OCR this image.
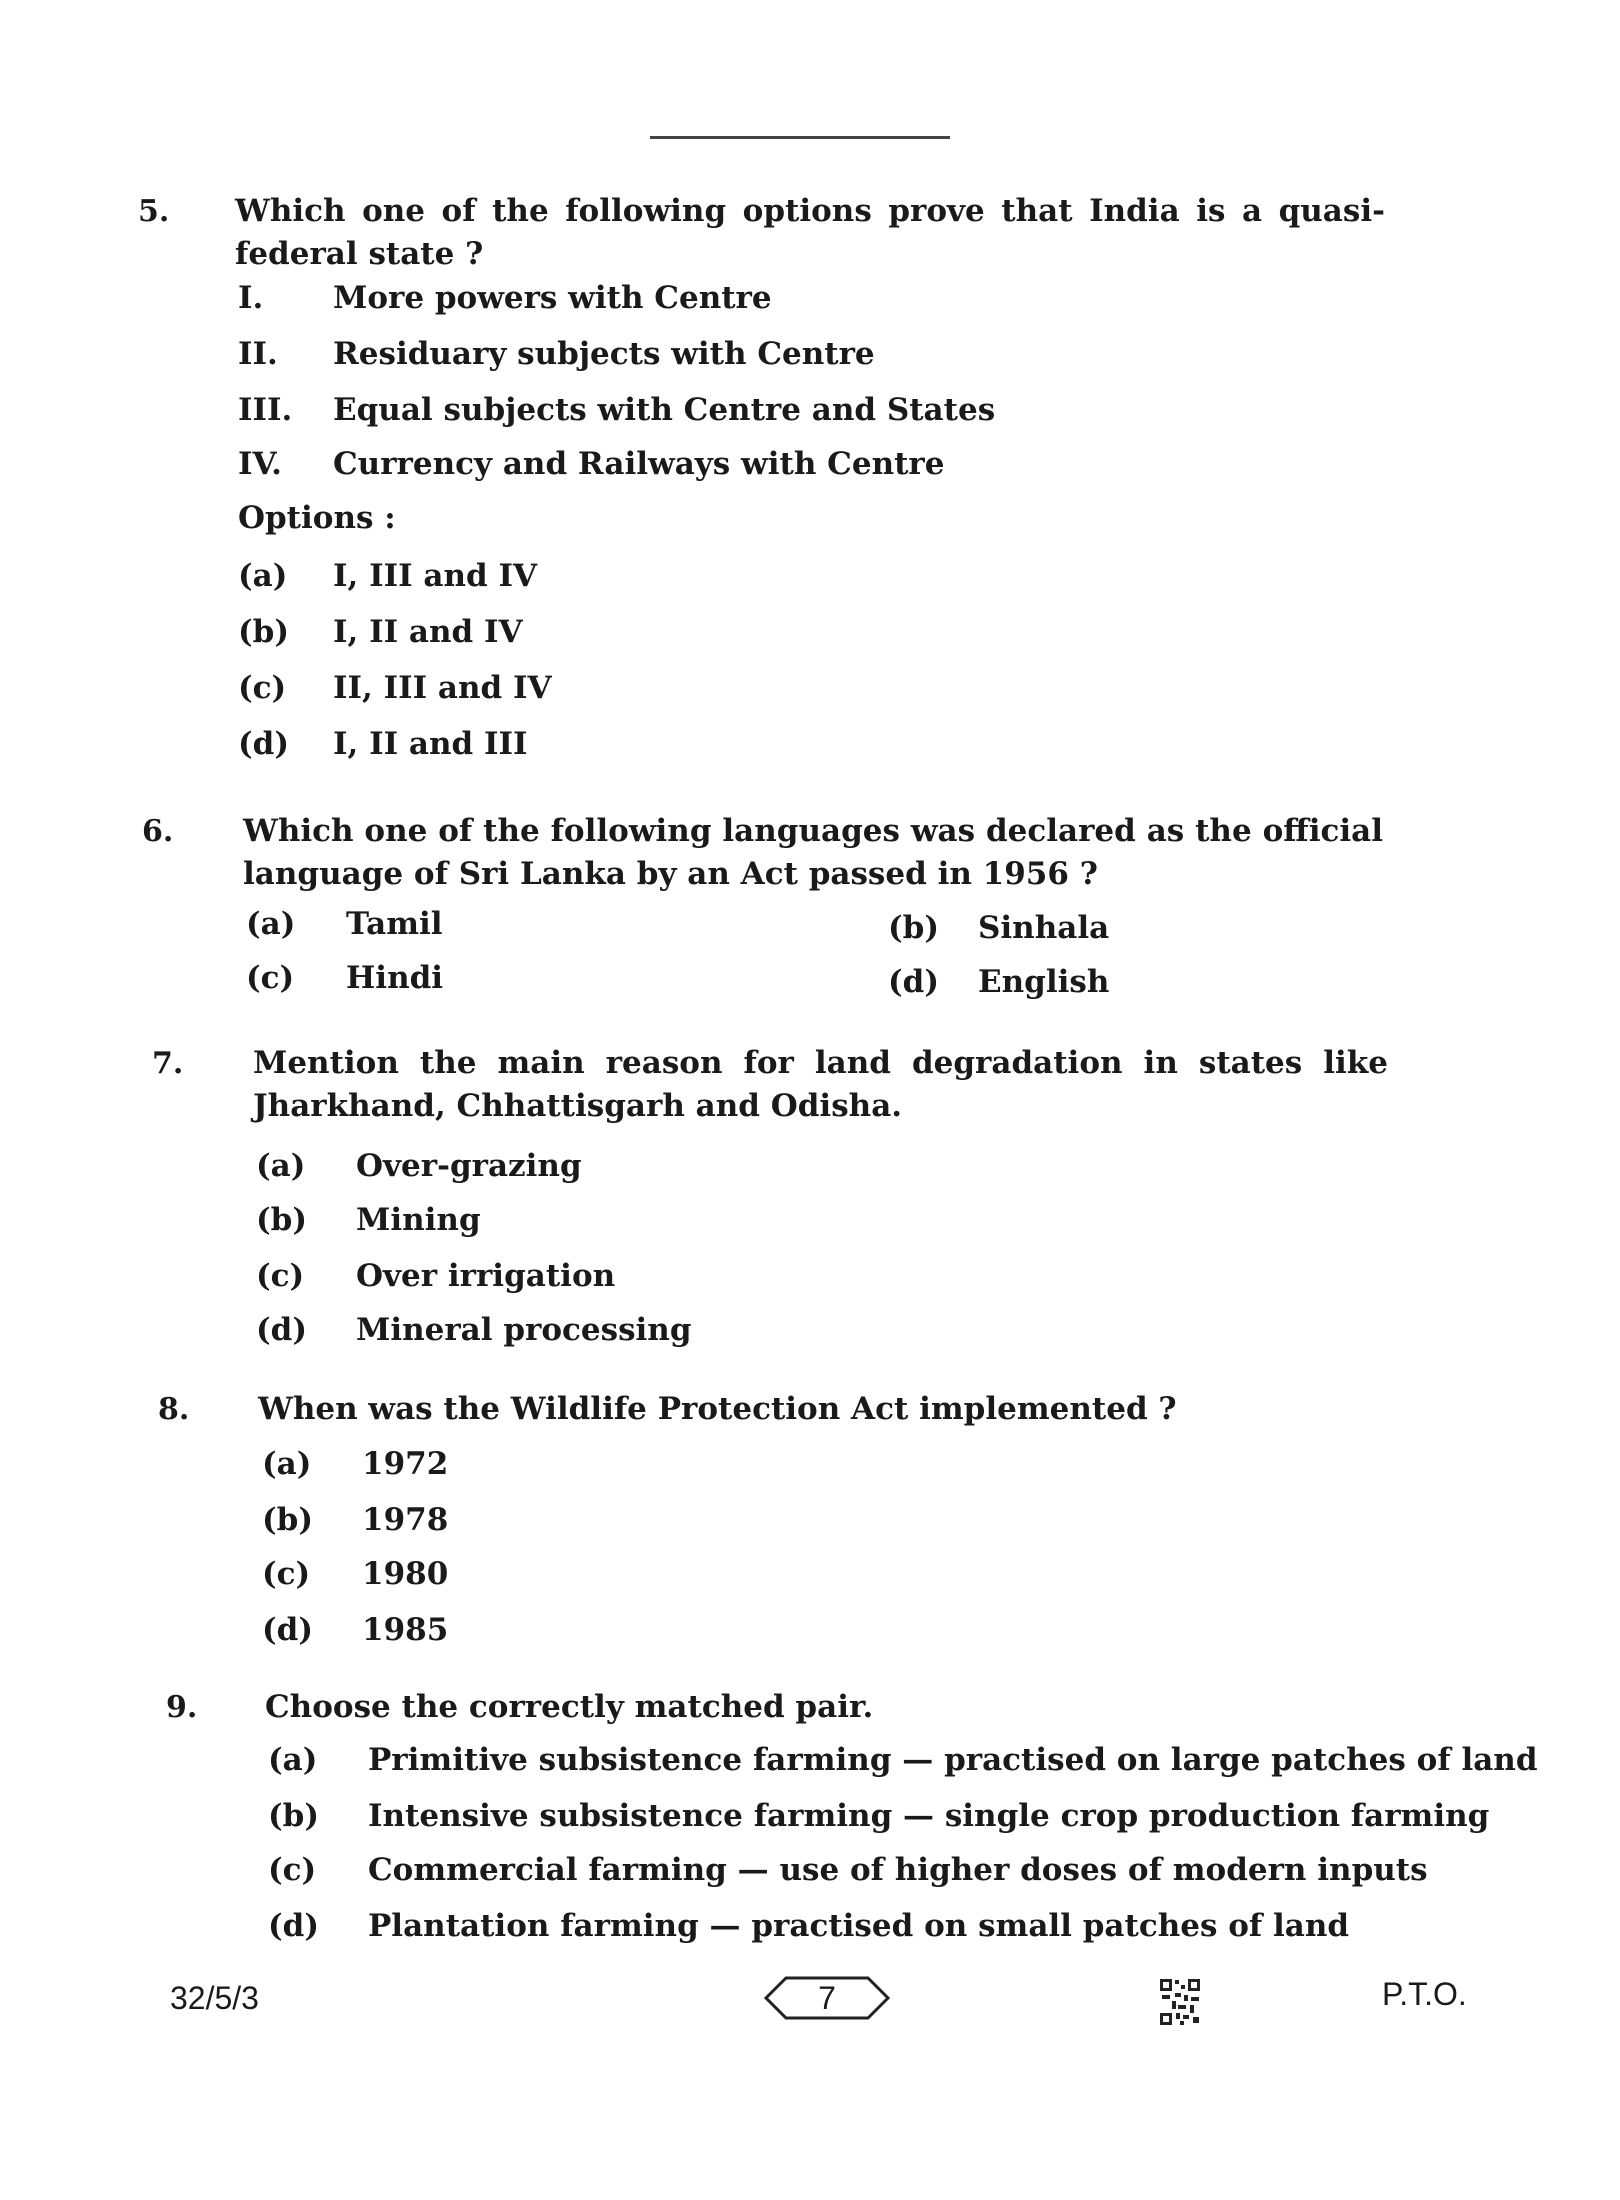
5. Which one of the following options prove that India is a quasi-federal state ?
I. More powers with Centre
II. Residuary subjects with Centre
III. Equal subjects with Centre and States
IV. Currency and Railways with Centre
Options :
(a) I, III and IV
(b) I, II and IV
(c) II, III and IV
(d) I, II and III
6. Which one of the following languages was declared as the official language of Sri Lanka by an Act passed in 1956 ?
(a) Tamil	(b) Sinhala
(c) Hindi	(d) English
7. Mention the main reason for land degradation in states like Jharkhand, Chhattisgarh and Odisha.
(a) Over-grazing
(b) Mining
(c) Over irrigation
(d) Mineral processing
8. When was the Wildlife Protection Act implemented ?
(a) 1972
(b) 1978
(c) 1980
(d) 1985
9. Choose the correctly matched pair.
(a) Primitive subsistence farming — practised on large patches of land
(b) Intensive subsistence farming — single crop production farming
(c) Commercial farming — use of higher doses of modern inputs
(d) Plantation farming — practised on small patches of land
32/5/3	7	P.T.O.
